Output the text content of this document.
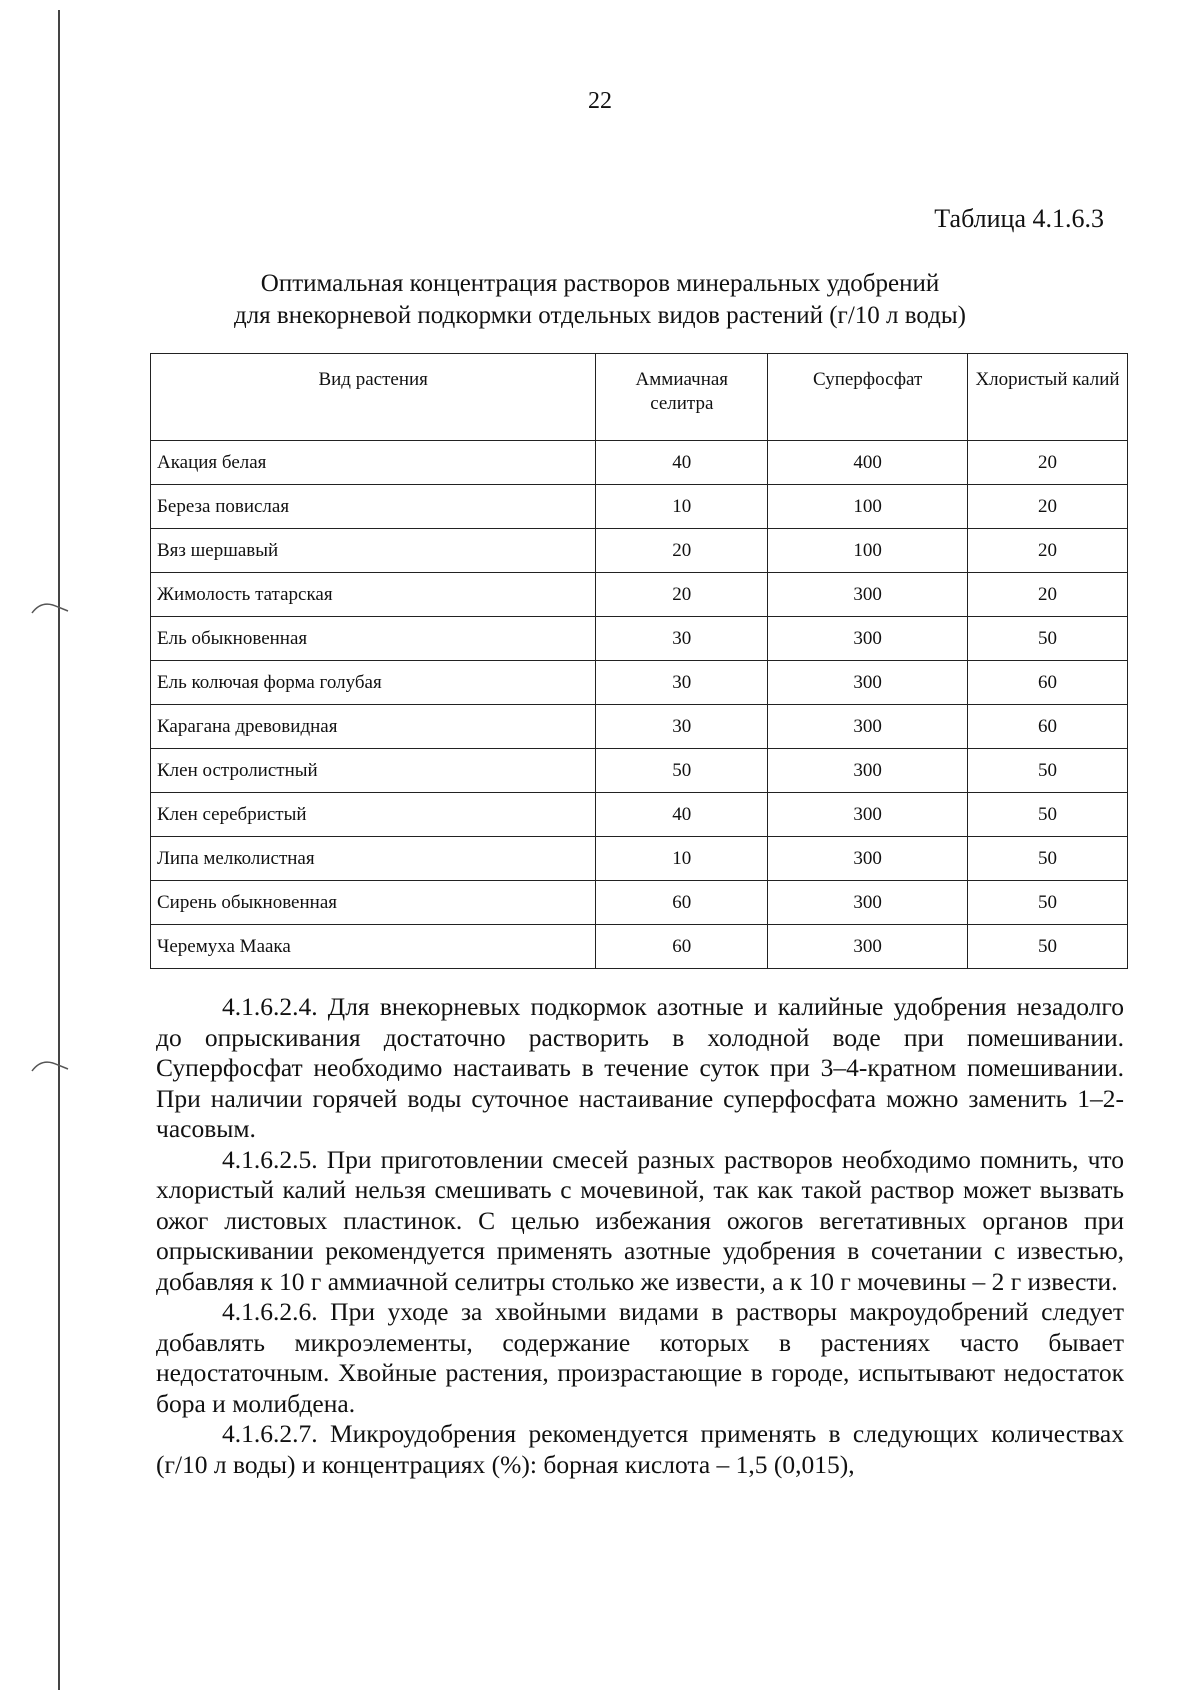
22
Таблица 4.1.6.3
Оптимальная концентрация растворов минеральных удобрений
для внекорневой подкормки отдельных видов растений (г/10 л воды)
Вид растения	Аммиачная селитра	Суперфосфат	Хлористый калий
Акация белая	40	400	20
Береза повислая	10	100	20
Вяз шершавый	20	100	20
Жимолость татарская	20	300	20
Ель обыкновенная	30	300	50
Ель колючая форма голубая	30	300	60
Карагана древовидная	30	300	60
Клен остролистный	50	300	50
Клен серебристый	40	300	50
Липа мелколистная	10	300	50
Сирень обыкновенная	60	300	50
Черемуха Маака	60	300	50

4.1.6.2.4. Для внекорневых подкормок азотные и калийные удобрения незадолго до опрыскивания достаточно растворить в холодной воде при помешивании. Суперфосфат необходимо настаивать в течение суток при 3–4-кратном помешивании. При наличии горячей воды суточное настаивание суперфосфата можно заменить 1–2-часовым.

4.1.6.2.5. При приготовлении смесей разных растворов необходимо помнить, что хлористый калий нельзя смешивать с мочевиной, так как такой раствор может вызвать ожог листовых пластинок. С целью избежания ожогов вегетативных органов при опрыскивании рекомендуется применять азотные удобрения в сочетании с известью, добавляя к 10 г аммиачной селитры столько же извести, а к 10 г мочевины – 2 г извести.

4.1.6.2.6. При уходе за хвойными видами в растворы макроудобрений следует добавлять микроэлементы, содержание которых в растениях часто бывает недостаточным. Хвойные растения, произрастающие в городе, испытывают недостаток бора и молибдена.

4.1.6.2.7. Микроудобрения рекомендуется применять в следующих количествах (г/10 л воды) и концентрациях (%): борная кислота – 1,5 (0,015),
